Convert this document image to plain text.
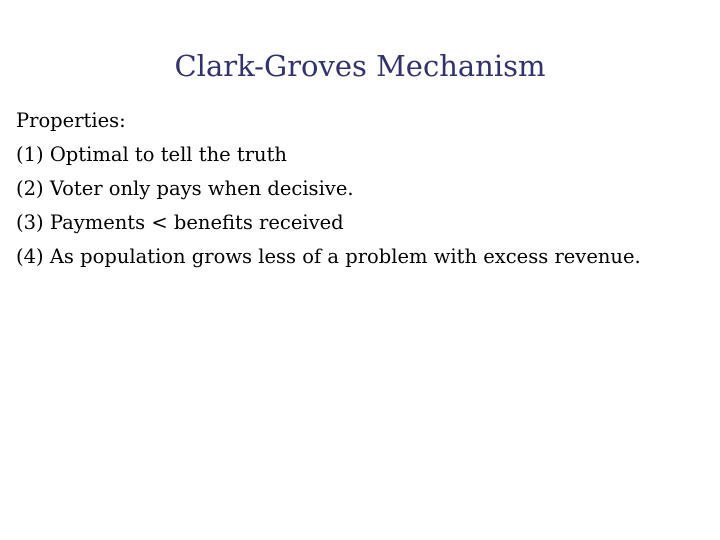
Clark-Groves Mechanism
Properties:
(1) Optimal to tell the truth
(2) Voter only pays when decisive.
(3) Payments < benefits received
(4) As population grows less of a problem with excess revenue.
